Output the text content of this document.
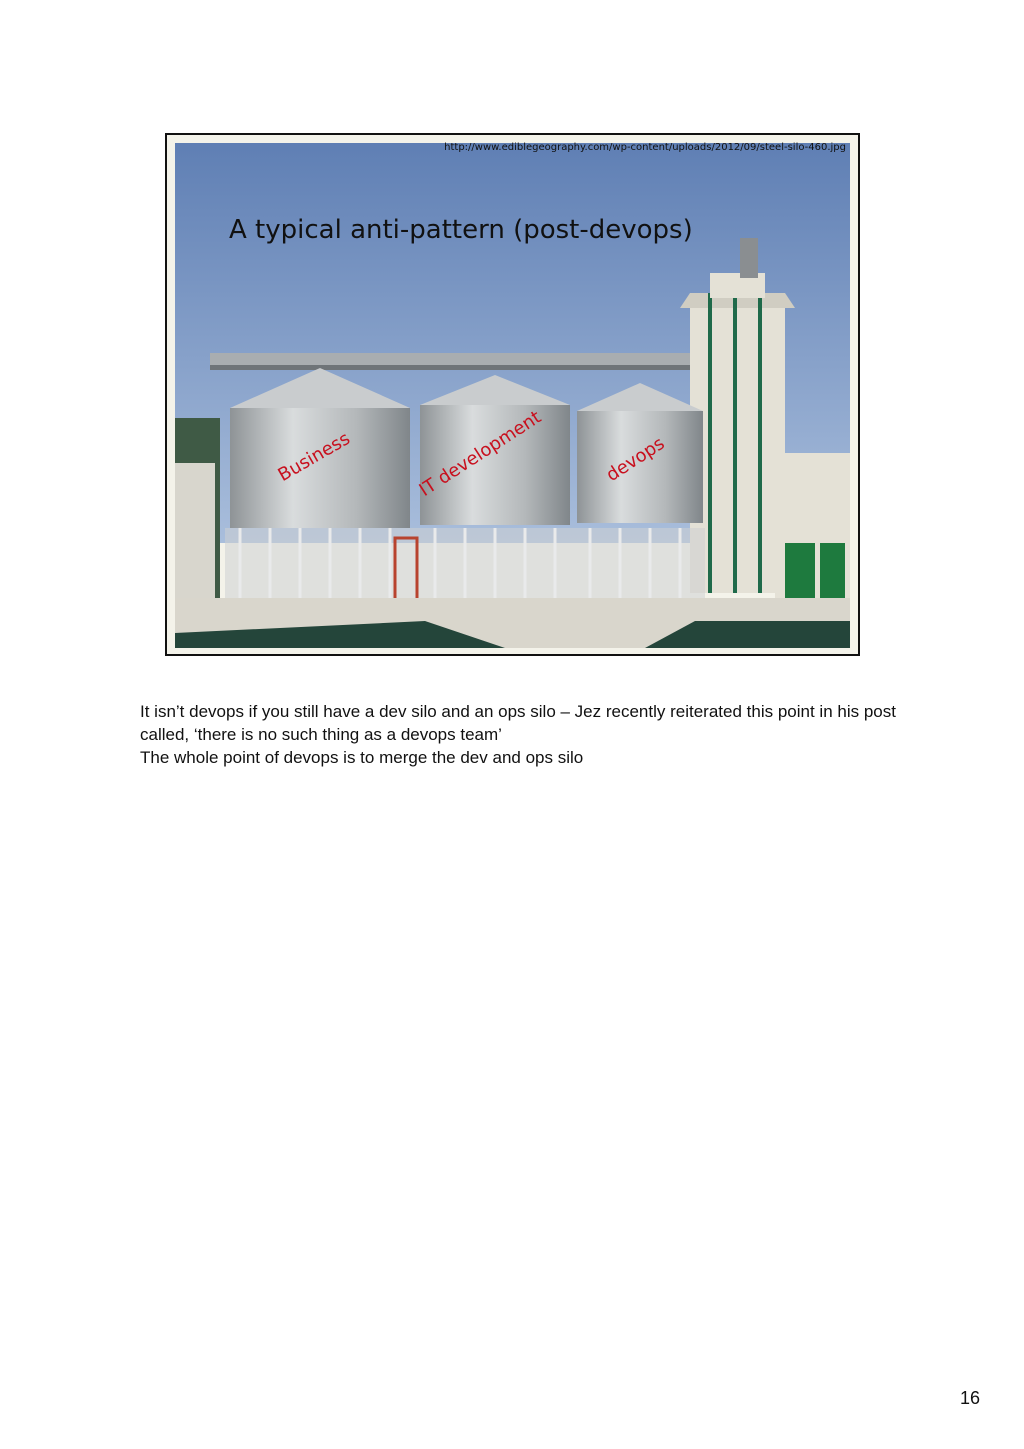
http://www.ediblegeography.com/wp-content/uploads/2012/09/steel-silo-460.jpg
A typical anti-pattern (post-devops)
Business	IT development	devops

It isn’t devops if you still have a dev silo and an ops silo – Jez recently reiterated this point in his post called, ‘there is no such thing as a devops team’

The whole point of devops is to merge the dev and ops silo

16
